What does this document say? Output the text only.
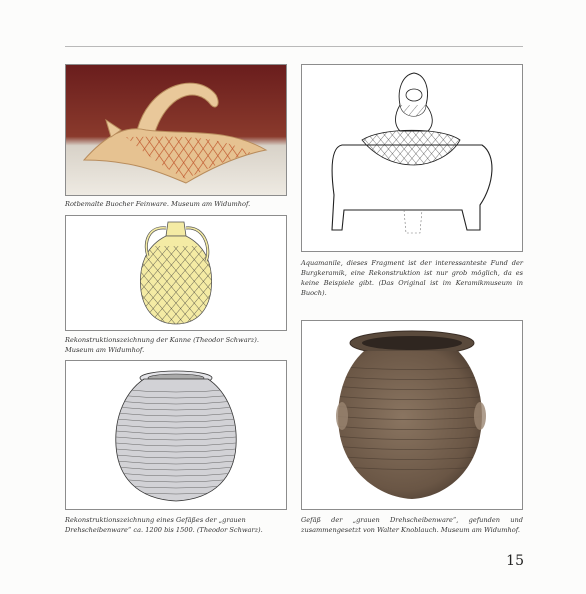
Rotbemalte Buocher Feinware. Museum am Widumhof.

Rekonstruktionszeichnung der Kanne (Theodor Schwarz). Museum am Widumhof.

Rekonstruktionszeichnung eines Gefäßes der „grauen Drehscheibenware“ ca. 1200 bis 1500. (Theodor Schwarz).

Aquamanile, dieses Fragment ist der interessanteste Fund der Burgkeramik, eine Rekonstruktion ist nur grob möglich, da es keine Beispiele gibt. (Das Original ist im Keramikmuseum in Buoch).

Gefäß der „grauen Drehscheibenware“, gefunden und zusammengesetzt von Walter Knoblauch. Museum am Widumhof.

15
